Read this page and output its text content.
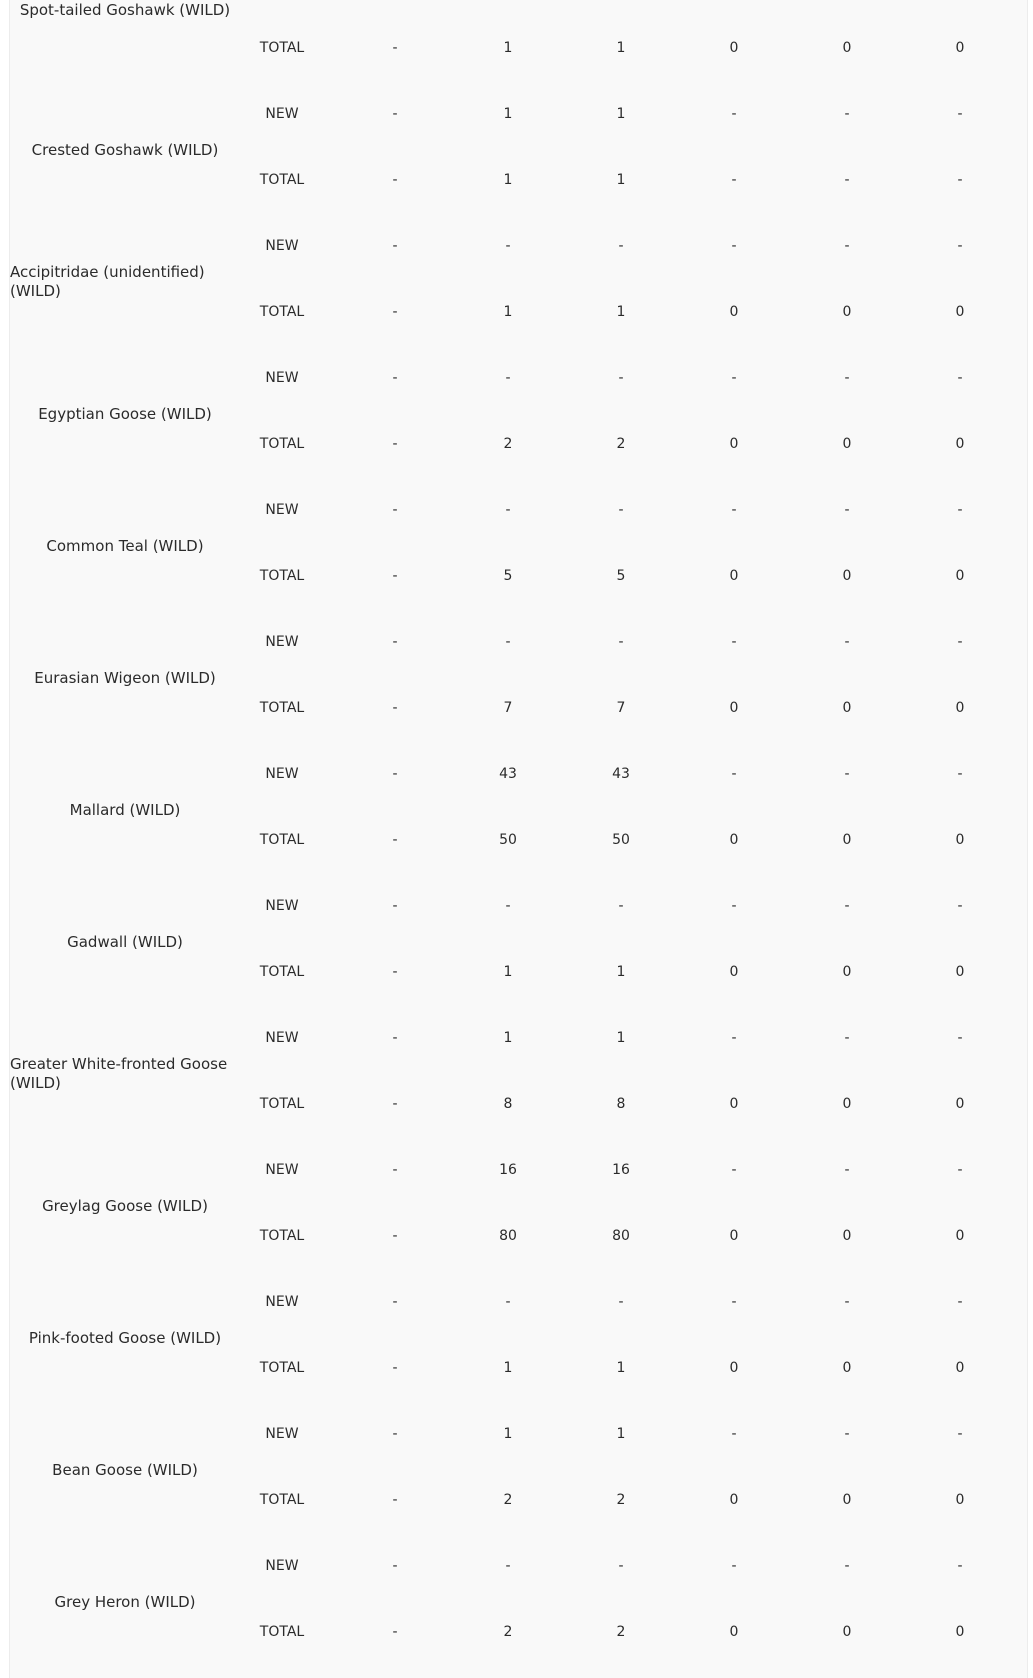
Spot-tailed Goshawk (WILD)
TOTAL	-	1	1	0	0	0
Crested Goshawk (WILD)
NEW	-	1	1	-	-	-
TOTAL	-	1	1	-	-	-
Accipitridae (unidentified) (WILD)
NEW	-	-	-	-	-	-
TOTAL	-	1	1	0	0	0
Egyptian Goose (WILD)
NEW	-	-	-	-	-	-
TOTAL	-	2	2	0	0	0
Common Teal (WILD)
NEW	-	-	-	-	-	-
TOTAL	-	5	5	0	0	0
Eurasian Wigeon (WILD)
NEW	-	-	-	-	-	-
TOTAL	-	7	7	0	0	0
Mallard (WILD)
NEW	-	43	43	-	-	-
TOTAL	-	50	50	0	0	0
Gadwall (WILD)
NEW	-	-	-	-	-	-
TOTAL	-	1	1	0	0	0
Greater White-fronted Goose (WILD)
NEW	-	1	1	-	-	-
TOTAL	-	8	8	0	0	0
Greylag Goose (WILD)
NEW	-	16	16	-	-	-
TOTAL	-	80	80	0	0	0
Pink-footed Goose (WILD)
NEW	-	-	-	-	-	-
TOTAL	-	1	1	0	0	0
Bean Goose (WILD)
NEW	-	1	1	-	-	-
TOTAL	-	2	2	0	0	0
Grey Heron (WILD)
NEW	-	-	-	-	-	-
TOTAL	-	2	2	0	0	0
